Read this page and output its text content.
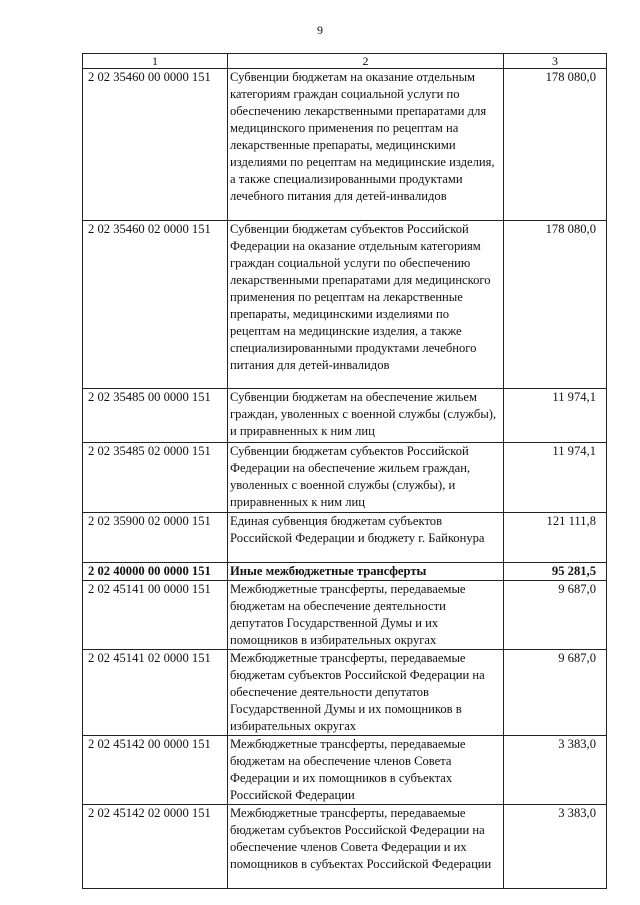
9
1	2	3
2 02 35460 00 0000 151	Субвенции бюджетам на оказание отдельным категориям граждан социальной услуги по обеспечению лекарственными препаратами для медицинского применения по рецептам на лекарственные препараты, медицинскими изделиями по рецептам на медицинские изделия, а также специализированными продуктами лечебного питания для детей-инвалидов	178 080,0
2 02 35460 02 0000 151	Субвенции бюджетам субъектов Российской Федерации на оказание отдельным категориям граждан социальной услуги по обеспечению лекарственными препаратами для медицинского применения по рецептам на лекарственные препараты, медицинскими изделиями по рецептам на медицинские изделия, а также специализированными продуктами лечебного питания для детей-инвалидов	178 080,0
2 02 35485 00 0000 151	Субвенции бюджетам на обеспечение жильем граждан, уволенных с военной службы (службы), и приравненных к ним лиц	11 974,1
2 02 35485 02 0000 151	Субвенции бюджетам субъектов Российской Федерации на обеспечение жильем граждан, уволенных с военной службы (службы), и приравненных к ним лиц	11 974,1
2 02 35900 02 0000 151	Единая субвенция бюджетам субъектов Российской Федерации и бюджету г. Байконура	121 111,8
2 02 40000 00 0000 151	Иные межбюджетные трансферты	95 281,5
2 02 45141 00 0000 151	Межбюджетные трансферты, передаваемые бюджетам на обеспечение деятельности депутатов Государственной Думы и их помощников в избирательных округах	9 687,0
2 02 45141 02 0000 151	Межбюджетные трансферты, передаваемые бюджетам субъектов Российской Федерации на обеспечение деятельности депутатов Государственной Думы и их помощников в избирательных округах	9 687,0
2 02 45142 00 0000 151	Межбюджетные трансферты, передаваемые бюджетам на обеспечение членов Совета Федерации и их помощников в субъектах Российской Федерации	3 383,0
2 02 45142 02 0000 151	Межбюджетные трансферты, передаваемые бюджетам субъектов Российской Федерации на обеспечение членов Совета Федерации и их помощников в субъектах Российской Федерации	3 383,0
